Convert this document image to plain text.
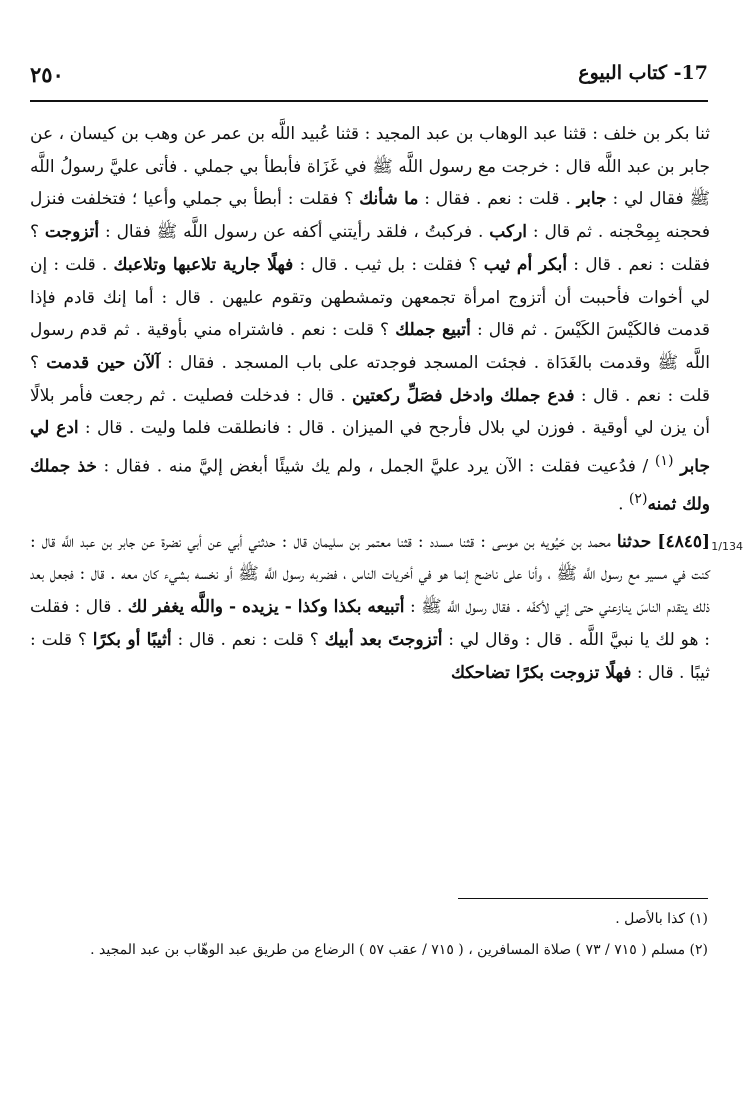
٢٥٠	17- كتاب البيوع
1/134

ثنا بكر بن خلف : قثنا عبد الوهاب بن عبد المجيد : قثنا عُبيد اللَّه بن عمر عن وهب بن كيسان ، عن جابر بن عبد اللَّه قال : خرجت مع رسول اللَّه ﷺ في غَزَاة فأبطأ بي جملي . فأتى عليَّ رسولُ اللَّه ﷺ فقال لي : جابر . قلت : نعم . فقال : ما شأنك ؟ فقلت : أبطأ بي جملي وأعيا ؛ فتخلفت فنزل فحجنه بِمِحْجنه . ثم قال : اركب . فركبتُ ، فلقد رأيتني أكفه عن رسول اللَّه ﷺ فقال : أتزوجت ؟ فقلت : نعم . قال : أبكر أم ثيب ؟ فقلت : بل ثيب . قال : فهلًا جارية تلاعبها وتلاعبك . قلت : إن لي أخوات فأحببت أن أتزوج امرأة تجمعهن وتمشطهن وتقوم عليهن . قال : أما إنك قادم فإذا قدمت فالكَيْسَ الكَيْسَ . ثم قال : أتبيع جملك ؟ قلت : نعم . فاشتراه مني بأوقية . ثم قدم رسول اللَّه ﷺ وقدمت بالغَدَاة . فجئت المسجد فوجدته على باب المسجد . فقال : آلآن حين قدمت ؟ قلت : نعم . قال : فدع جملك وادخل فصَلِّ ركعتين . قال : فدخلت فصليت . ثم رجعت فأمر بلالًا أن يزن لي أوقية . فوزن لي بلال فأرجح في الميزان . قال : فانطلقت فلما وليت . قال : ادع لي جابر $^{(١)}$ / فدُعيت فقلت : الآن يرد عليَّ الجمل ، ولم يك شيئًا أبغض إليَّ منه . فقال : خذ جملك ولك ثمنه$^{(٢)}$ .

[٤٨٤٥] حدثنا محمد بن حَيُويه بن موسى : قثنا مسدد : قثنا معتمر بن سليمان قال : حدثني أبي عن أبي نضرة عن جابر بن عبد اللَّه قال : كنت في مسير مع رسول اللَّه ﷺ ، وأنا على ناضح إنما هو في أخريات الناس ، فضربه رسول اللَّه ﷺ أو نخسه بشيء كان معه . قال : فجعل بعد ذلك يتقدم الناسَ ينازعني حتى إني لأكفّه . فقال رسول اللَّه ﷺ : أتبيعه بكذا وكذا - يزيده - واللَّه يغفر لك . قال : فقلت : هو لك يا نبيَّ اللَّه . قال : وقال لي : أتزوجتَ بعد أبيك ؟ قلت : نعم . قال : أثيبًا أو بكرًا ؟ قلت : ثيبًا . قال : فهلًا تزوجت بكرًا تضاحكك

(١) كذا بالأصل .

(٢) مسلم ( ٧١٥ / ٧٣ ) صلاة المسافرين ، ( ٧١٥ / عقب ٥٧ ) الرضاع من طريق عبد الوهّاب بن عبد المجيد .
